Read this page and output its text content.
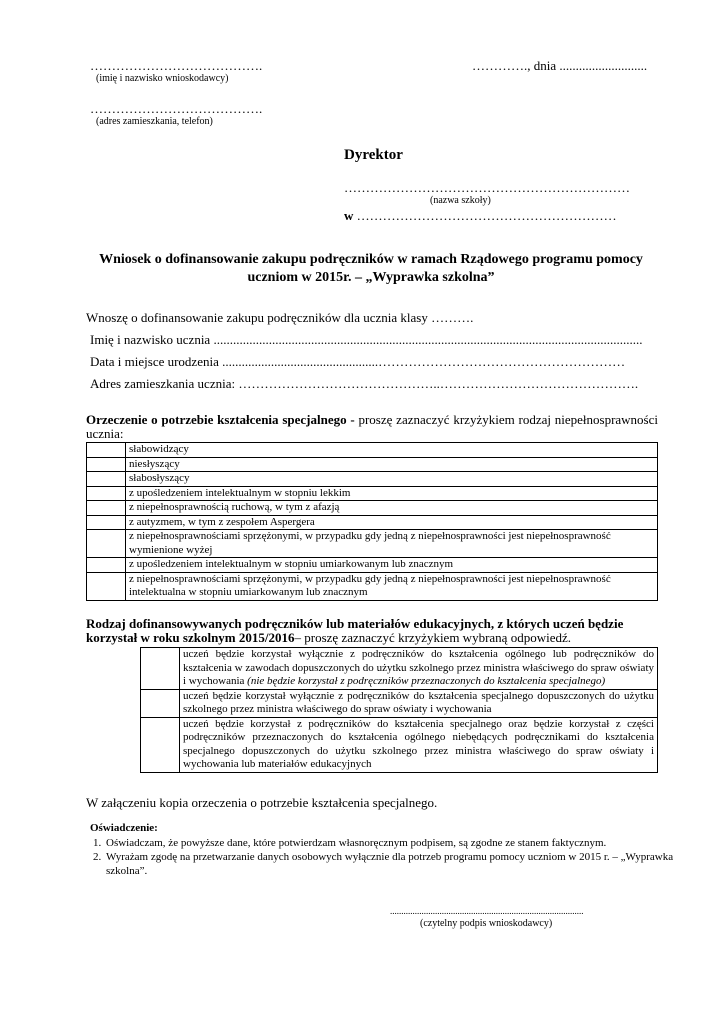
………………………………….
(imię i nazwisko wnioskodawcy)
…………., dnia ...........................
………………………………….
(adres zamieszkania, telefon)
Dyrektor
…………………………………………………………
(nazwa szkoły)
w ……………………………………………………
Wniosek o dofinansowanie zakupu podręczników w ramach Rządowego programu pomocy uczniom w 2015r. – „Wyprawka szkolna”
Wnoszę o dofinansowanie zakupu podręczników dla ucznia klasy ……….
Imię i nazwisko ucznia ....................................................................................................................................
Data i miejsce urodzenia ................................................…………………………………………………
Adres zamieszkania ucznia: ………………………………………..……………………………………….
Orzeczenie o potrzebie kształcenia specjalnego - proszę zaznaczyć krzyżykiem rodzaj niepełnosprawności ucznia:
	słabowidzący
	niesłyszący
	słabosłyszący
	z upośledzeniem intelektualnym w stopniu lekkim
	z niepełnosprawnością ruchową, w tym z afazją
	z autyzmem, w tym z zespołem Aspergera
	z niepełnosprawnościami sprzężonymi, w przypadku gdy jedną z niepełnosprawności jest niepełnosprawność wymienione wyżej
	z upośledzeniem intelektualnym w stopniu umiarkowanym lub znacznym
	z niepełnosprawnościami sprzężonymi, w przypadku gdy jedną z niepełnosprawności jest niepełnosprawność intelektualna w stopniu umiarkowanym lub znacznym
Rodzaj dofinansowywanych podręczników lub materiałów edukacyjnych, z których uczeń będzie korzystał w roku szkolnym 2015/2016– proszę zaznaczyć krzyżykiem wybraną odpowiedź.
	uczeń będzie korzystał wyłącznie z podręczników do kształcenia ogólnego lub podręczników do kształcenia w zawodach dopuszczonych do użytku szkolnego przez ministra właściwego do spraw oświaty i wychowania (nie będzie korzystał z podręczników przeznaczonych do kształcenia specjalnego)
	uczeń będzie korzystał wyłącznie z podręczników do kształcenia specjalnego dopuszczonych do użytku szkolnego przez ministra właściwego do spraw oświaty i wychowania
	uczeń będzie korzystał z podręczników do kształcenia specjalnego oraz będzie korzystał z części podręczników przeznaczonych do kształcenia ogólnego niebędących podręcznikami do kształcenia specjalnego dopuszczonych do użytku szkolnego przez ministra właściwego do spraw oświaty i wychowania lub materiałów edukacyjnych
W załączeniu kopia orzeczenia o potrzebie kształcenia specjalnego.
Oświadczenie:
1. Oświadczam, że powyższe dane, które potwierdzam własnoręcznym podpisem, są zgodne ze stanem faktycznym.
2. Wyrażam zgodę na przetwarzanie danych osobowych wyłącznie dla potrzeb programu pomocy uczniom w 2015 r. – „Wyprawka szkolna”.
......................................................................................
(czytelny podpis wnioskodawcy)
